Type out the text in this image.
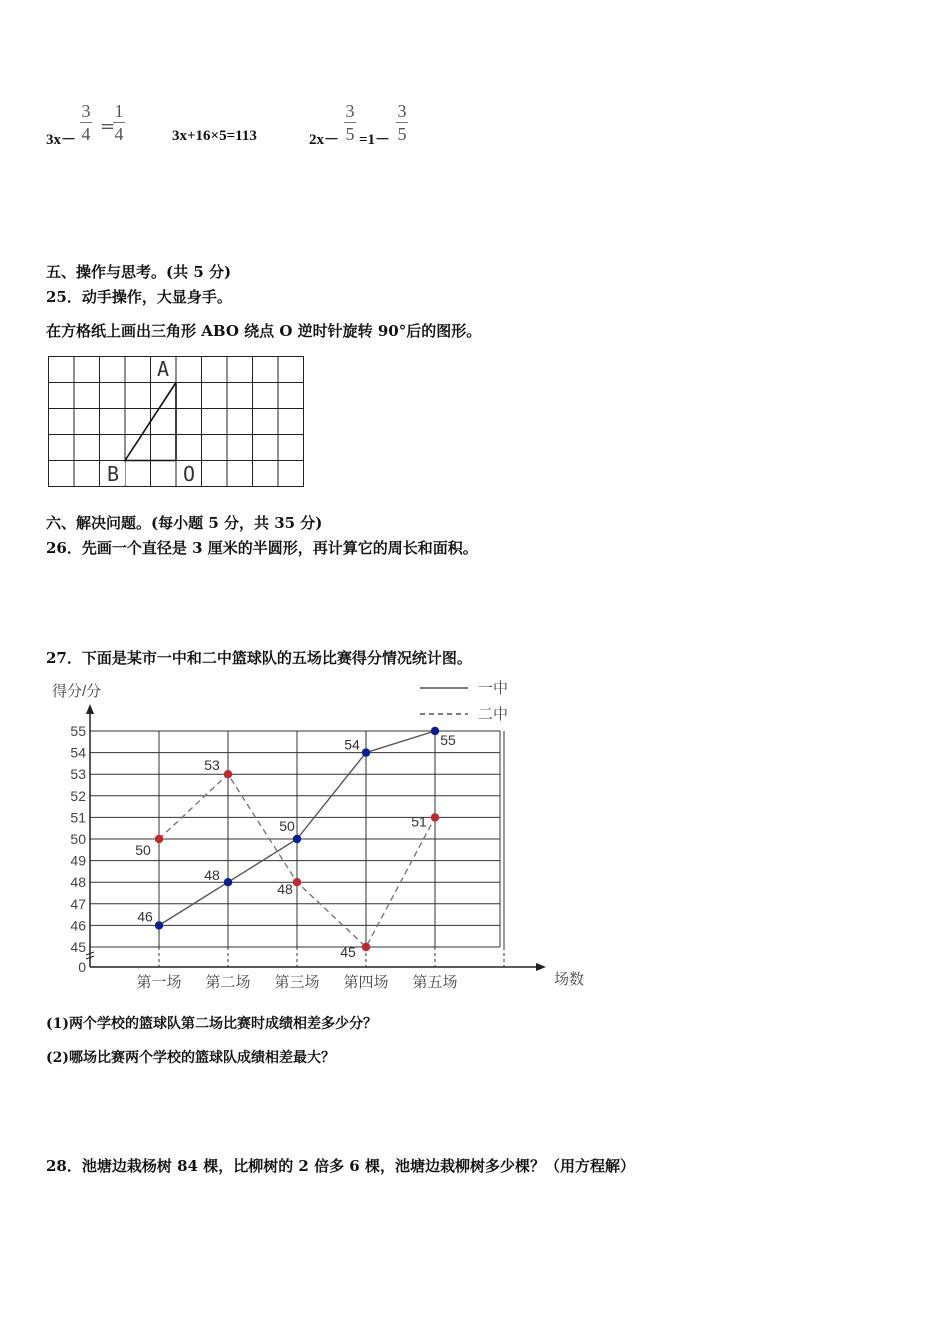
3x－
3
4 =
1
4	3x+16×5=113	2x－
3
5 =1－
3
5
五、操作与思考。(共 5 分)
25．动手操作，大显身手。
在方格纸上画出三角形 ABO 绕点 O 逆时针旋转 90°后的图形。
A
B	O
六、解决问题。(每小题 5 分，共 35 分)
26．先画一个直径是 3 厘米的半圆形，再计算它的周长和面积。
27．下面是某市一中和二中篮球队的五场比赛得分情况统计图。
得分/分
场数
一中
二中
0
45
46
47
48
49
50
51
52
53
54
55
第一场 第二场 第三场 第四场 第五场
46
48
50
54	55
50
53
48
45
51
(1)两个学校的篮球队第二场比赛时成绩相差多少分？
(2)哪场比赛两个学校的篮球队成绩相差最大？
28．池塘边栽杨树 84 棵，比柳树的 2 倍多 6 棵，池塘边栽柳树多少棵？（用方程解）
